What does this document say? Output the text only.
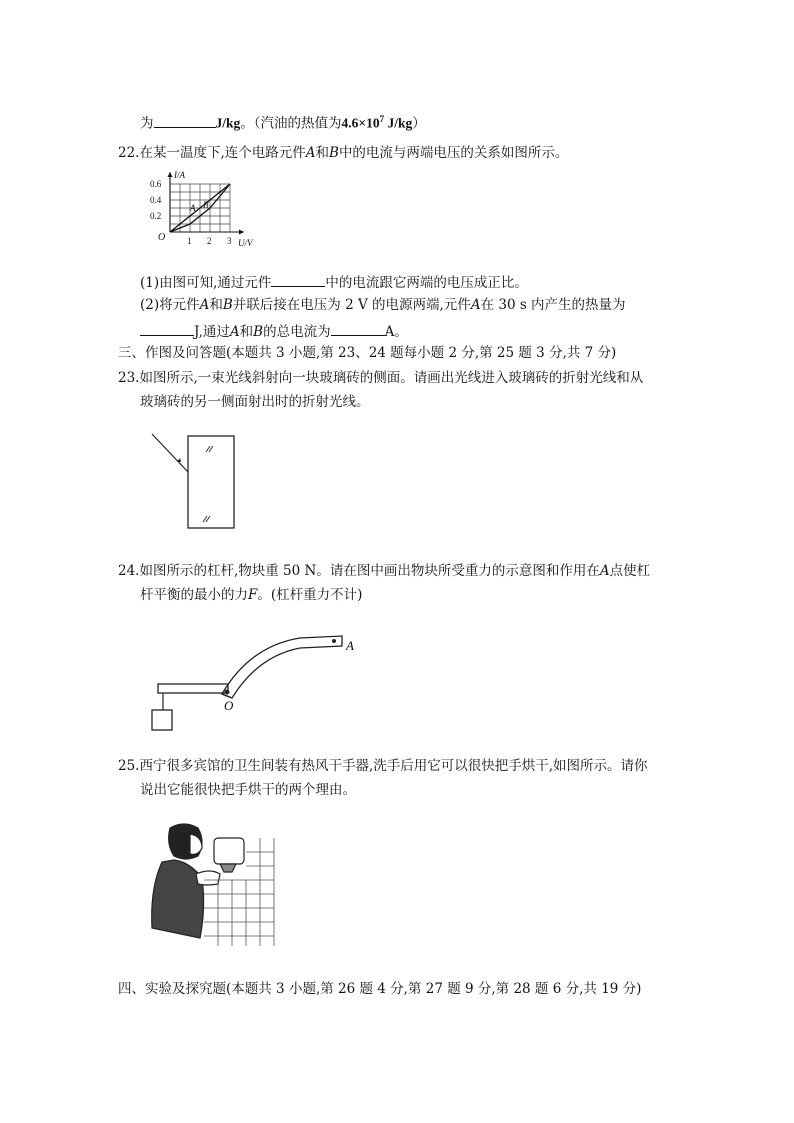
为	J/kg。（汽油的热值为$4.6\times 10^7$ J/kg）
22.在某一温度下,连个电路元件A和B中的电流与两端电压的关系如图所示。
1 2 3
0.2
0.4
0.6
O	U/V
I/A
A B
(1)由图可知,通过元件	中的电流跟它两端的电压成正比。
(2)将元件A和B并联后接在电压为 2 V 的电源两端,元件A在 30 s 内产生的热量为
J,通过A和B的总电流为	A。
三、作图及问答题(本题共 3 小题,第 23、24 题每小题 2 分,第 25 题 3 分,共 7 分)
23.如图所示,一束光线斜射向一块玻璃砖的侧面。请画出光线进入玻璃砖的折射光线和从
玻璃砖的另一侧面射出时的折射光线。
24.如图所示的杠杆,物块重 50 N。请在图中画出物块所受重力的示意图和作用在A点使杠
杆平衡的最小的力F。(杠杆重力不计)
A
O
25.西宁很多宾馆的卫生间装有热风干手器,洗手后用它可以很快把手烘干,如图所示。请你
说出它能很快把手烘干的两个理由。
四、实验及探究题(本题共 3 小题,第 26 题 4 分,第 27 题 9 分,第 28 题 6 分,共 19 分)
